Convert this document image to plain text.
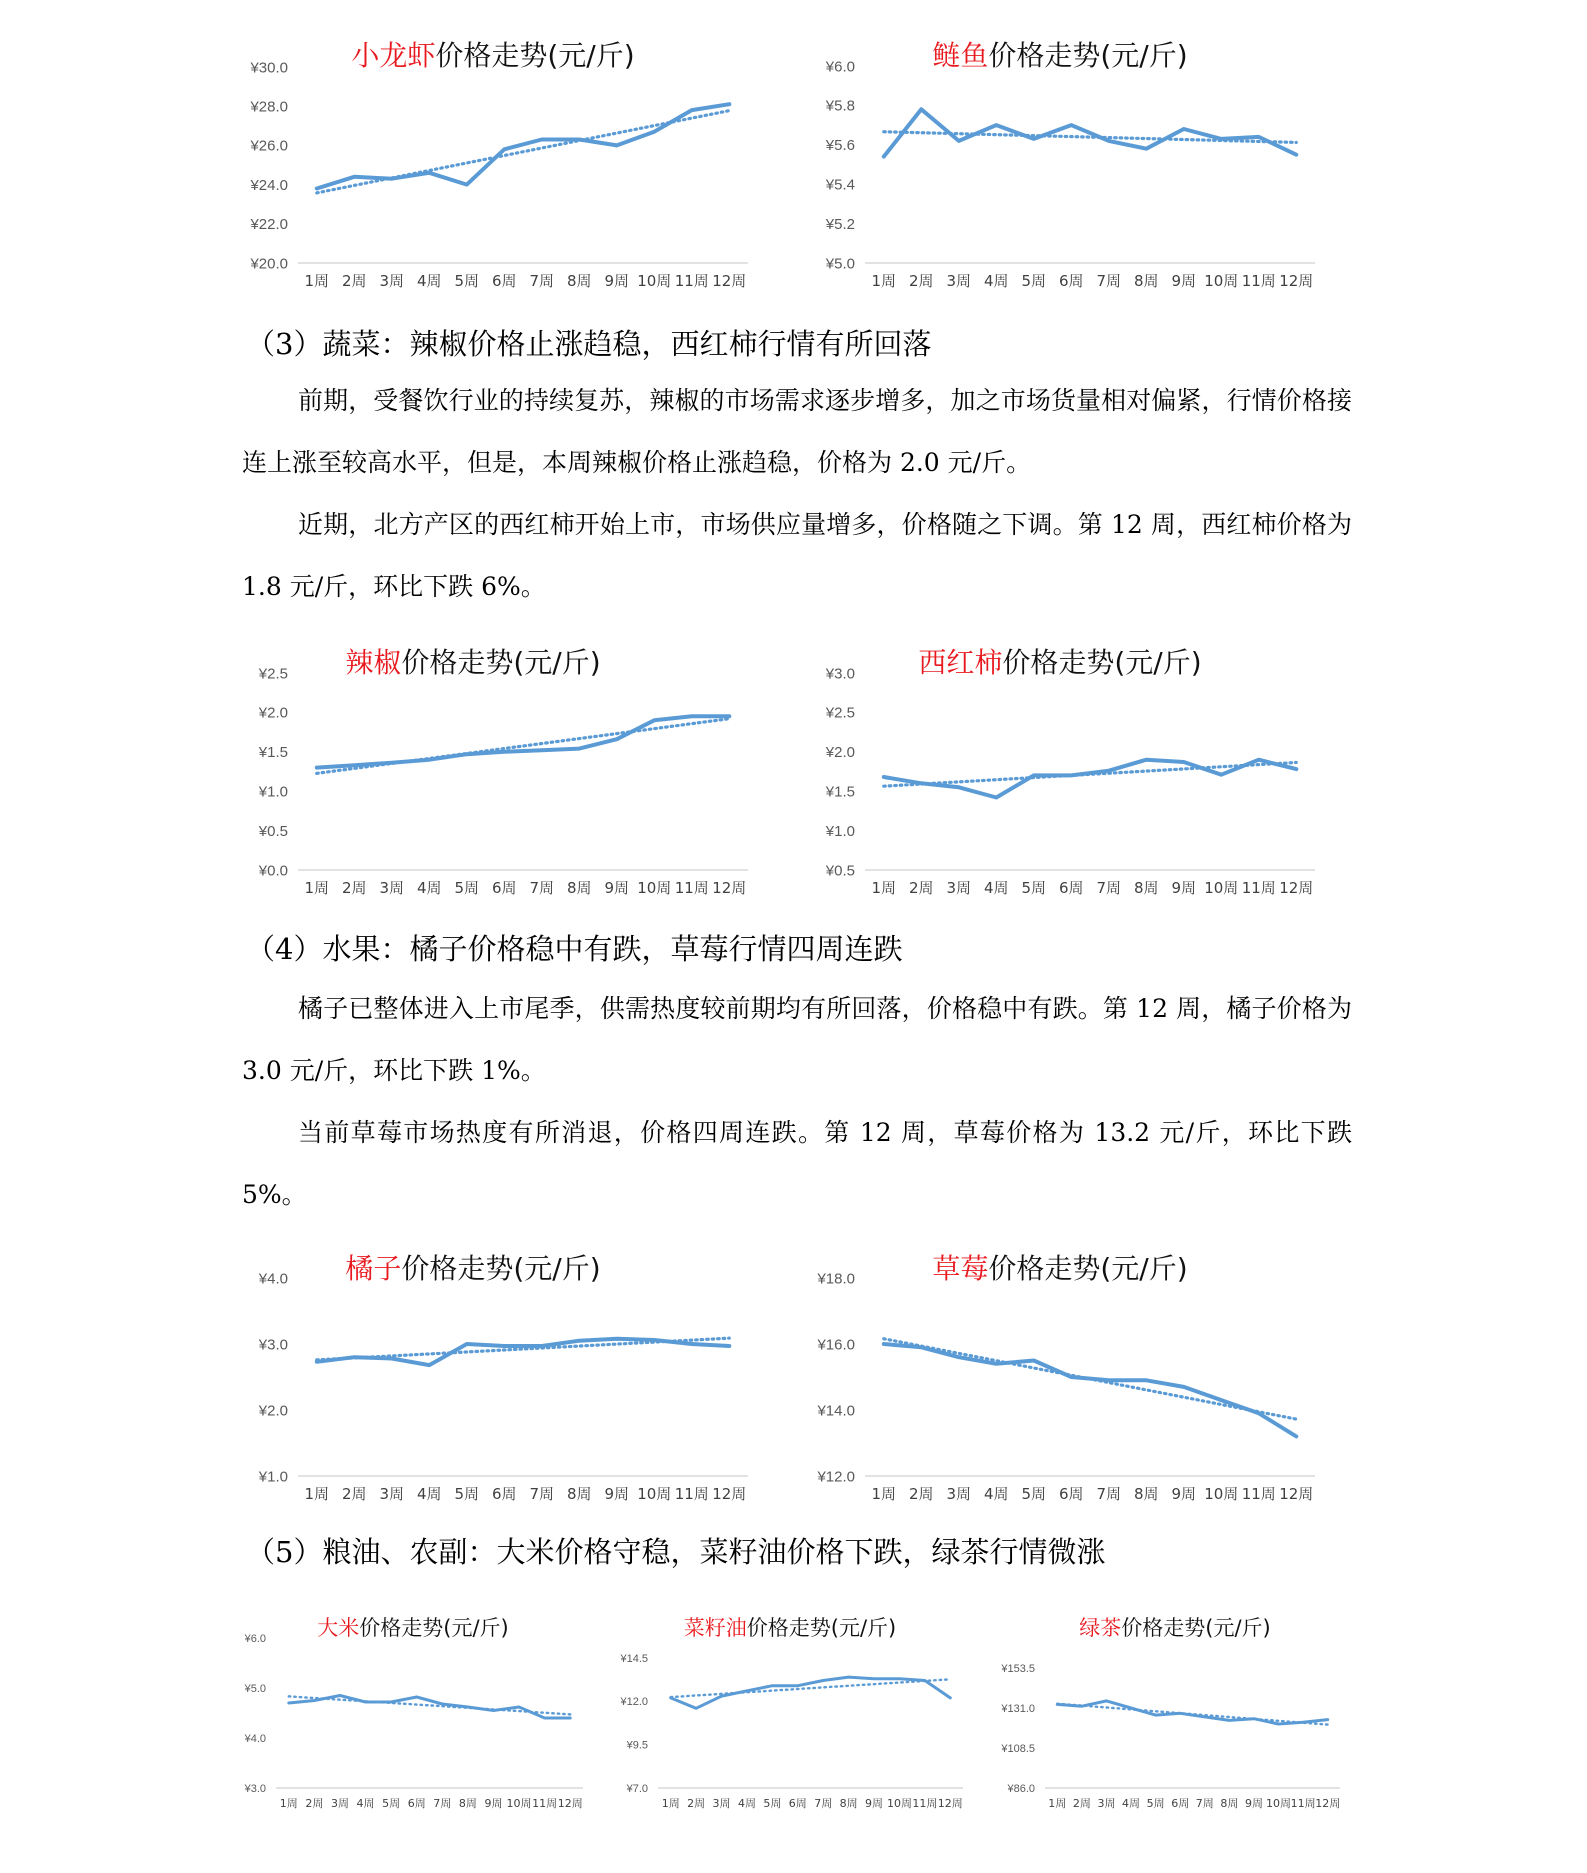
小龙虾价格走势(元/斤)
¥20.0
¥22.0
¥24.0
¥26.0
¥28.0
¥30.0
1周 2周 3周 4周 5周 6周 7周 8周 9周 10周 11周 12周
鲢鱼价格走势(元/斤)
¥5.0
¥5.2
¥5.4
¥5.6
¥5.8
¥6.0
1周 2周 3周 4周 5周 6周 7周 8周 9周 10周 11周 12周
（3）蔬菜：辣椒价格止涨趋稳，西红柿行情有所回落

前期，受餐饮行业的持续复苏，辣椒的市场需求逐步增多，加之市场货量相对偏紧，行情价格接连上涨至较高水平，但是，本周辣椒价格止涨趋稳，价格为 2.0 元/斤。

近期，北方产区的西红柿开始上市，市场供应量增多，价格随之下调。第 12 周，西红柿价格为 1.8 元/斤，环比下跌 6%。

辣椒价格走势(元/斤)
¥0.0
¥0.5
¥1.0
¥1.5
¥2.0
¥2.5
1周 2周 3周 4周 5周 6周 7周 8周 9周 10周 11周 12周
西红柿价格走势(元/斤)
¥0.5
¥1.0
¥1.5
¥2.0
¥2.5
¥3.0
1周 2周 3周 4周 5周 6周 7周 8周 9周 10周 11周 12周
（4）水果：橘子价格稳中有跌，草莓行情四周连跌

橘子已整体进入上市尾季，供需热度较前期均有所回落，价格稳中有跌。第 12 周，橘子价格为 3.0 元/斤，环比下跌 1%。

当前草莓市场热度有所消退，价格四周连跌。第 12 周，草莓价格为 13.2 元/斤，环比下跌 5%。

橘子价格走势(元/斤)
¥1.0
¥2.0
¥3.0
¥4.0
1周 2周 3周 4周 5周 6周 7周 8周 9周 10周 11周 12周
草莓价格走势(元/斤)
¥12.0
¥14.0
¥16.0
¥18.0
1周 2周 3周 4周 5周 6周 7周 8周 9周 10周 11周 12周
（5）粮油、农副：大米价格守稳，菜籽油价格下跌，绿茶行情微涨
大米价格走势(元/斤)
¥3.0
¥4.0
¥5.0
¥6.0
1周 2周 3周 4周 5周 6周 7周 8周 9周 10周 11周 12周
菜籽油价格走势(元/斤)
¥7.0
¥9.5
¥12.0
¥14.5
1周 2周 3周 4周 5周 6周 7周 8周 9周 10周 11周 12周
绿茶价格走势(元/斤)
¥86.0
¥108.5
¥131.0
¥153.5
1周 2周 3周 4周 5周 6周 7周 8周 9周 10周 11周 12周
